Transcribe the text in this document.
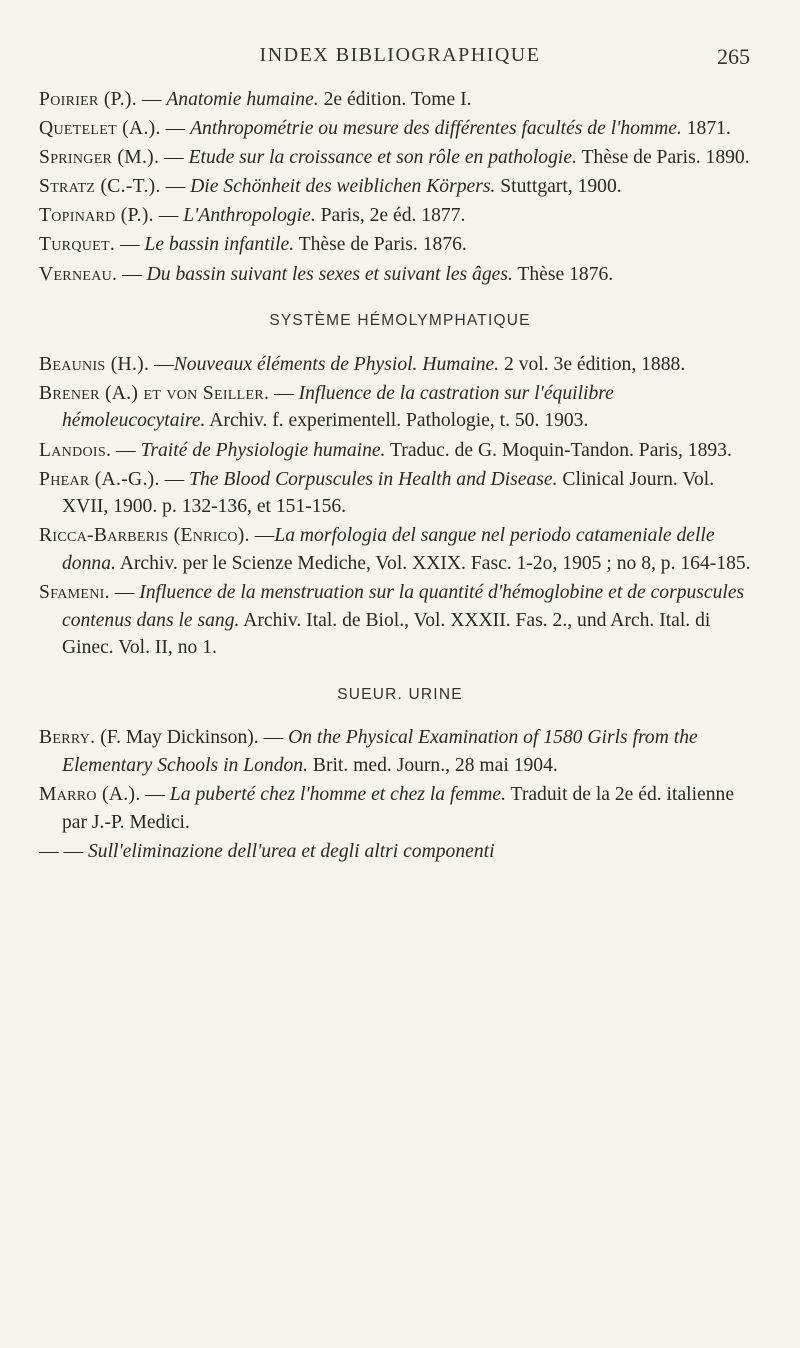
INDEX BIBLIOGRAPHIQUE	265

Poirier (P.). — Anatomie humaine. 2e édition. Tome I.

Quetelet (A.). — Anthropométrie ou mesure des différentes facultés de l'homme. 1871.

Springer (M.). — Etude sur la croissance et son rôle en pathologie. Thèse de Paris. 1890.

Stratz (C.-T.). — Die Schönheit des weiblichen Körpers. Stuttgart, 1900.

Topinard (P.). — L'Anthropologie. Paris, 2e éd. 1877.

Turquet. — Le bassin infantile. Thèse de Paris. 1876.

Verneau. — Du bassin suivant les sexes et suivant les âges. Thèse 1876.

SYSTÈME HÉMOLYMPHATIQUE

Beaunis (H.). —Nouveaux éléments de Physiol. Humaine. 2 vol. 3e édition, 1888.

Brener (A.) et von Seiller. — Influence de la castration sur l'équilibre hémoleucocytaire. Archiv. f. experimentell. Pathologie, t. 50. 1903.

Landois. — Traité de Physiologie humaine. Traduc. de G. Moquin-Tandon. Paris, 1893.

Phear (A.-G.). — The Blood Corpuscules in Health and Disease. Clinical Journ. Vol. XVII, 1900. p. 132-136, et 151-156.

Ricca-Barberis (Enrico). —La morfologia del sangue nel periodo catameniale delle donna. Archiv. per le Scienze Mediche, Vol. XXIX. Fasc. 1-2o, 1905 ; no 8, p. 164-185.

Sfameni. — Influence de la menstruation sur la quantité d'hémoglobine et de corpuscules contenus dans le sang. Archiv. Ital. de Biol., Vol. XXXII. Fas. 2., und Arch. Ital. di Ginec. Vol. II, no 1.

SUEUR. URINE

Berry. (F. May Dickinson). — On the Physical Examination of 1580 Girls from the Elementary Schools in London. Brit. med. Journ., 28 mai 1904.

Marro (A.). — La puberté chez l'homme et chez la femme. Traduit de la 2e éd. italienne par J.-P. Medici.

— — Sull'eliminazione dell'urea et degli altri componenti
